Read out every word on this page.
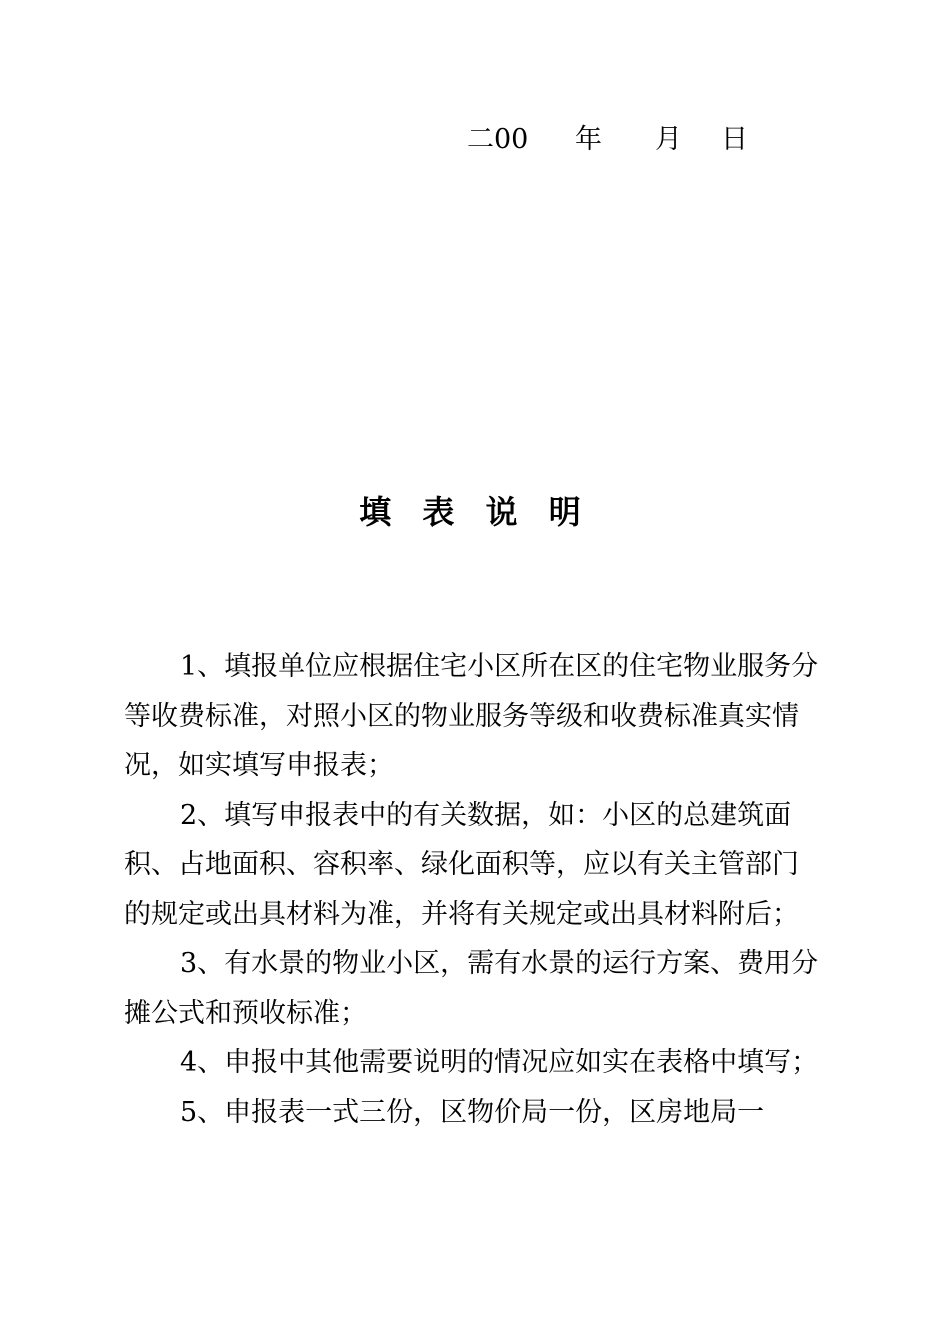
二00 年 月 日
填 表 说 明

1、填报单位应根据住宅小区所在区的住宅物业服务分等收费标准，对照小区的物业服务等级和收费标准真实情况，如实填写申报表；

2、填写申报表中的有关数据，如：小区的总建筑面积、占地面积、容积率、绿化面积等，应以有关主管部门的规定或出具材料为准，并将有关规定或出具材料附后；

3、有水景的物业小区，需有水景的运行方案、费用分摊公式和预收标准；

4、申报中其他需要说明的情况应如实在表格中填写；

5、申报表一式三份，区物价局一份，区房地局一
